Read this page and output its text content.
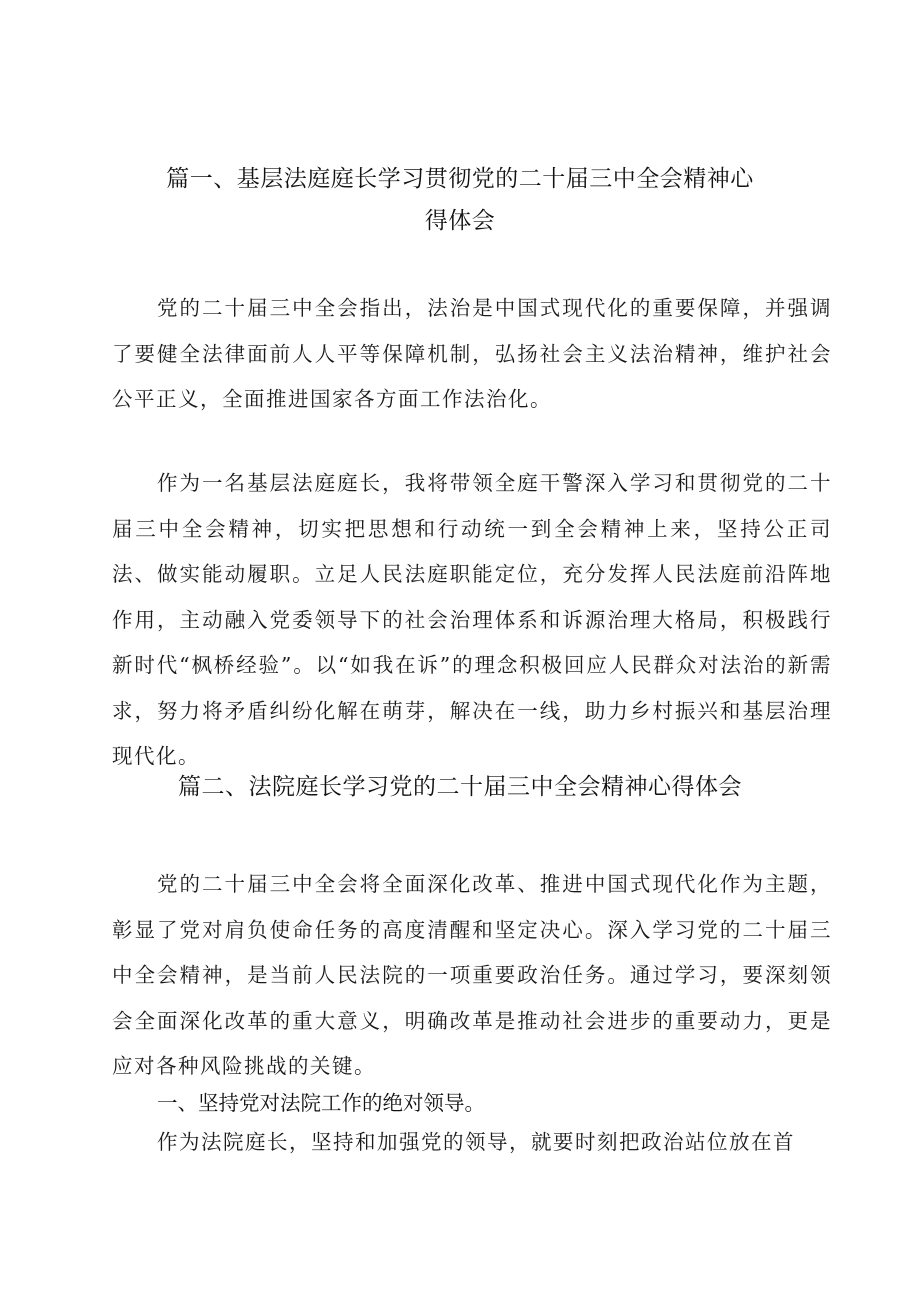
篇一、基层法庭庭长学习贯彻党的二十届三中全会精神心
得体会

党的二十届三中全会指出，法治是中国式现代化的重要保障，并强调了要健全法律面前人人平等保障机制，弘扬社会主义法治精神，维护社会公平正义，全面推进国家各方面工作法治化。

作为一名基层法庭庭长，我将带领全庭干警深入学习和贯彻党的二十届三中全会精神，切实把思想和行动统一到全会精神上来，坚持公正司法、做实能动履职。立足人民法庭职能定位，充分发挥人民法庭前沿阵地作用，主动融入党委领导下的社会治理体系和诉源治理大格局，积极践行新时代“枫桥经验”。以“如我在诉”的理念积极回应人民群众对法治的新需求，努力将矛盾纠纷化解在萌芽，解决在一线，助力乡村振兴和基层治理现代化。

篇二、法院庭长学习党的二十届三中全会精神心得体会

党的二十届三中全会将全面深化改革、推进中国式现代化作为主题，彰显了党对肩负使命任务的高度清醒和坚定决心。深入学习党的二十届三中全会精神，是当前人民法院的一项重要政治任务。通过学习，要深刻领会全面深化改革的重大意义，明确改革是推动社会进步的重要动力，更是应对各种风险挑战的关键。

一、坚持党对法院工作的绝对领导。

作为法院庭长，坚持和加强党的领导，就要时刻把政治站位放在首
